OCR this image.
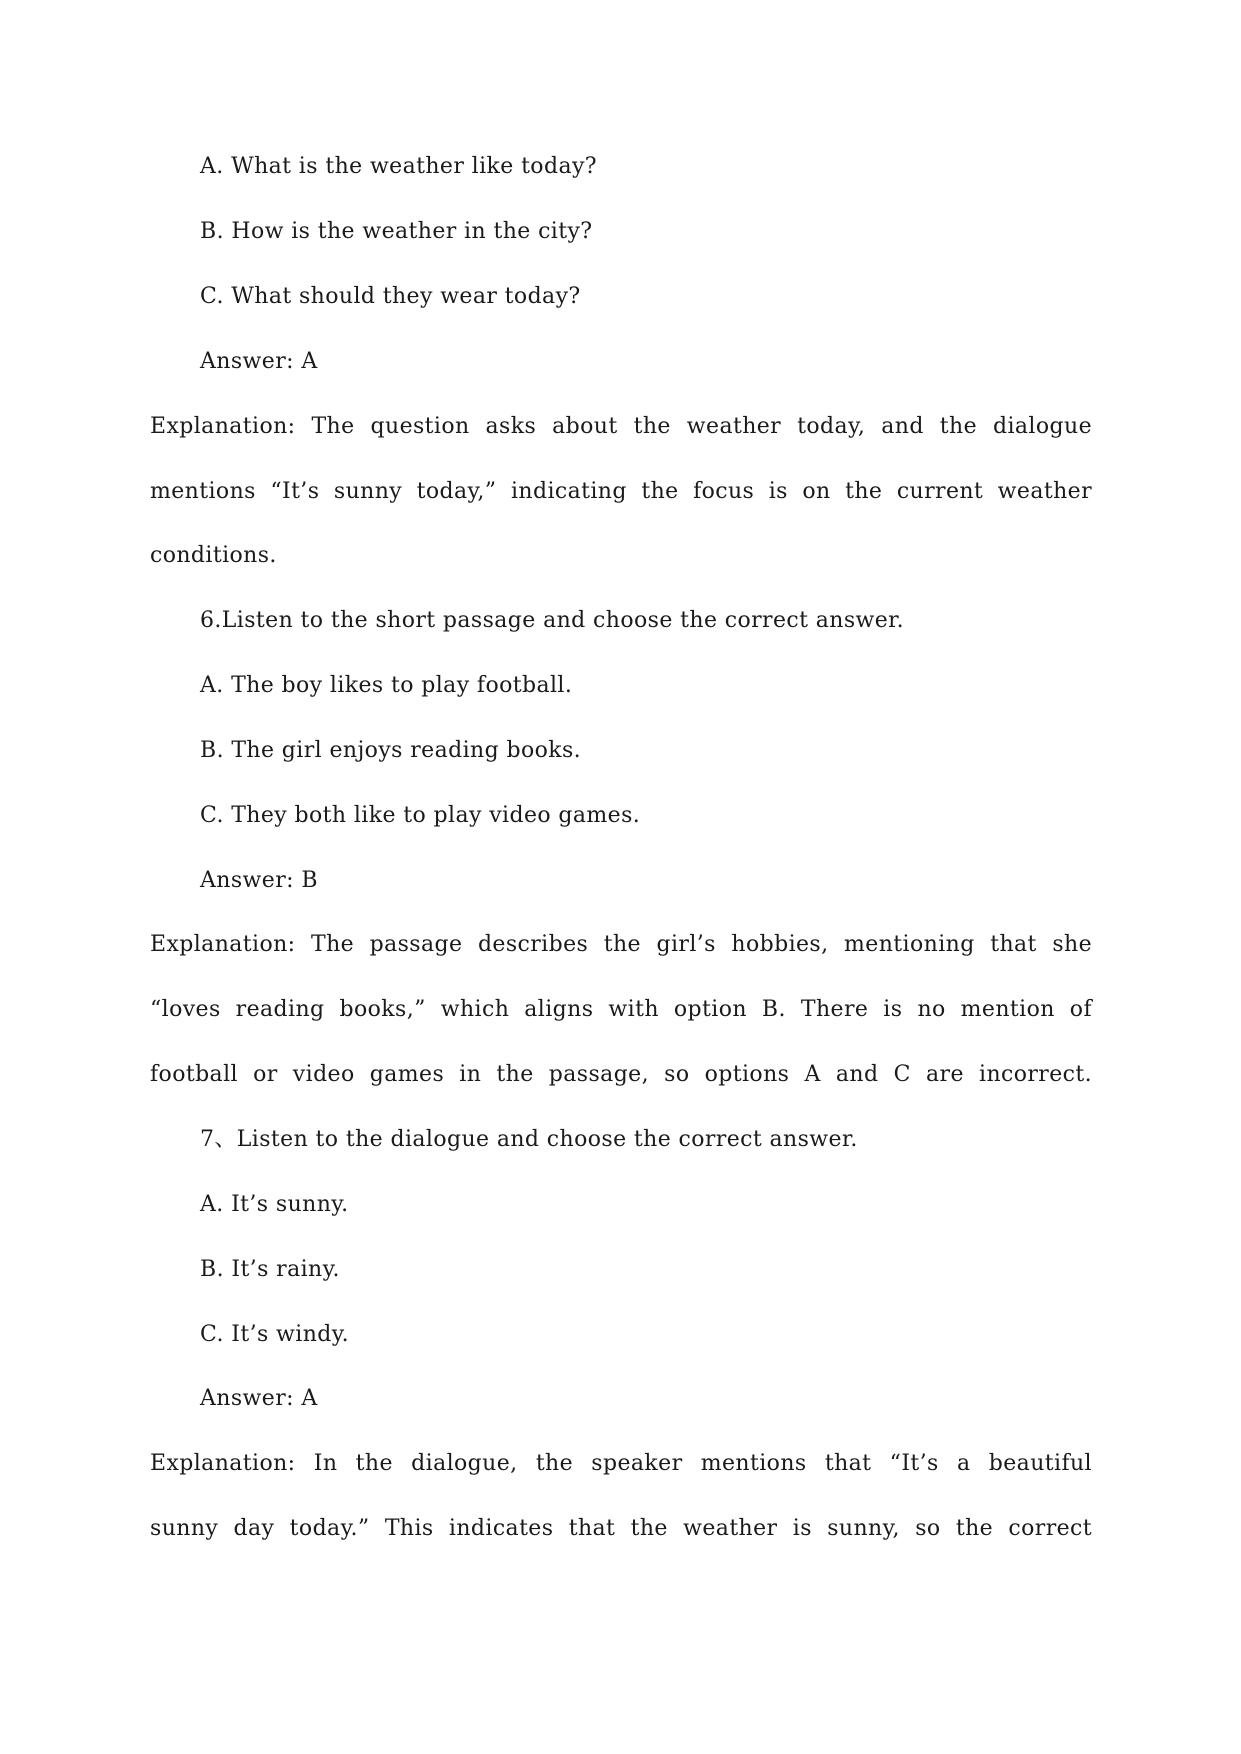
A. What is the weather like today?

B. How is the weather in the city?

C. What should they wear today?

Answer: A

Explanation: The question asks about the weather today, and the dialogue

mentions “It’s sunny today,” indicating the focus is on the current weather

conditions.

6.Listen to the short passage and choose the correct answer.

A. The boy likes to play football.

B. The girl enjoys reading books.

C. They both like to play video games.

Answer: B

Explanation: The passage describes the girl’s hobbies, mentioning that she

“loves reading books,” which aligns with option B. There is no mention of

football or video games in the passage, so options A and C are incorrect.

7、Listen to the dialogue and choose the correct answer.

A. It’s sunny.

B. It’s rainy.

C. It’s windy.

Answer: A

Explanation: In the dialogue, the speaker mentions that “It’s a beautiful

sunny day today.” This indicates that the weather is sunny, so the correct
